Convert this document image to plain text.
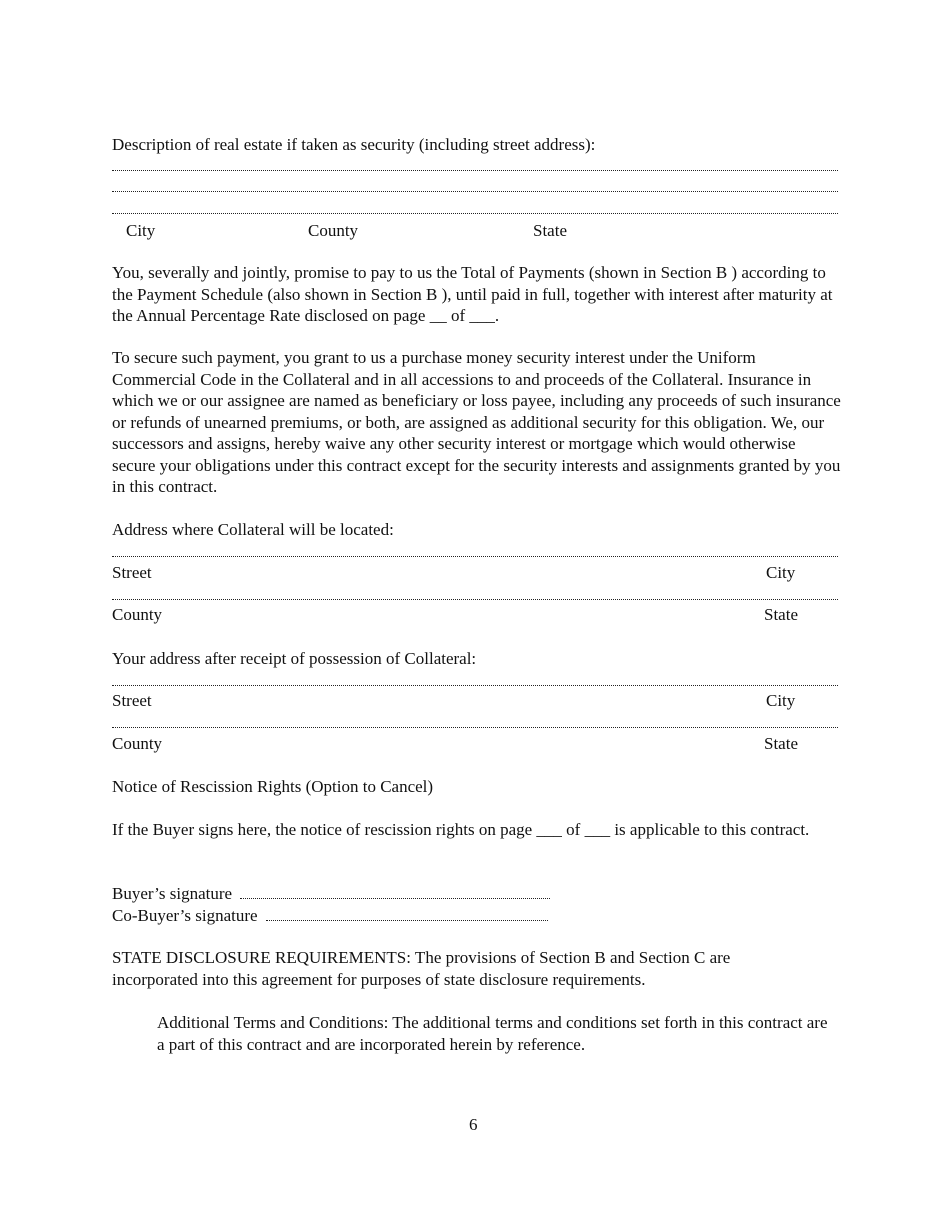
Description of real estate if taken as security (including street address):
City	County	State
You, severally and jointly, promise to pay to us the Total of Payments (shown in Section B ) according to the Payment Schedule (also shown in Section B ), until paid in full, together with interest after maturity at the Annual Percentage Rate disclosed on page __ of ___.
To secure such payment, you grant to us a purchase money security interest under the Uniform Commercial Code in the Collateral and in all accessions to and proceeds of the Collateral. Insurance in which we or our assignee are named as beneficiary or loss payee, including any proceeds of such insurance or refunds of unearned premiums, or both, are assigned as additional security for this obligation. We, our successors and assigns, hereby waive any other security interest or mortgage which would otherwise secure your obligations under this contract except for the security interests and assignments granted by you in this contract.
Address where Collateral will be located:
Street	City
County	State
Your address after receipt of possession of Collateral:
Street	City
County	State
Notice of Rescission Rights (Option to Cancel)
If the Buyer signs here, the notice of rescission rights on page ___ of ___ is applicable to this contract.
Buyer’s signature
Co-Buyer’s signature
STATE DISCLOSURE REQUIREMENTS: The provisions of Section B and Section C are incorporated into this agreement for purposes of state disclosure requirements.
Additional Terms and Conditions: The additional terms and conditions set forth in this contract are a part of this contract and are incorporated herein by reference.
6
